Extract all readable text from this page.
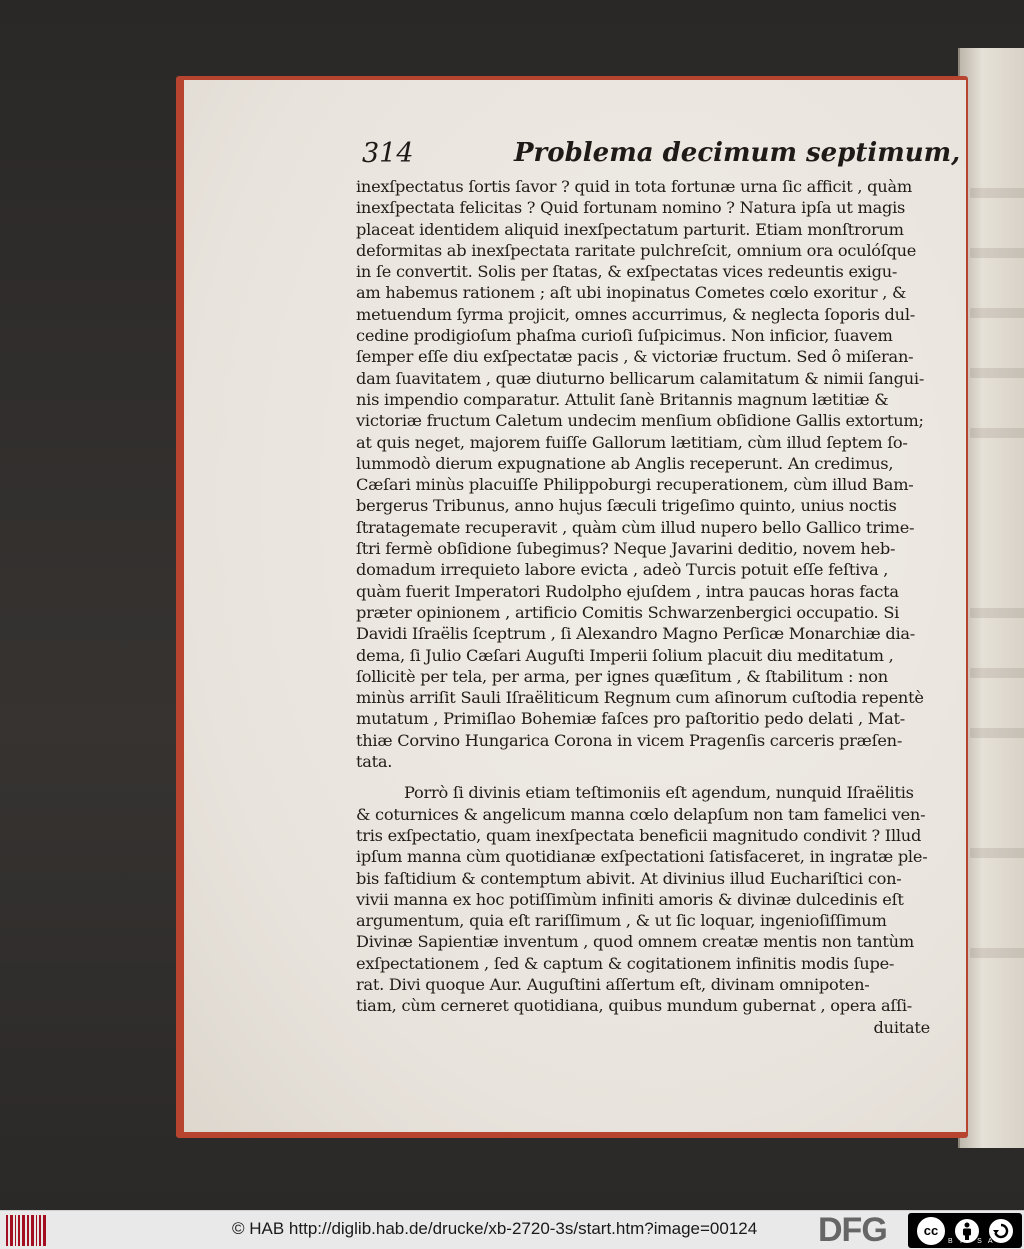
314	Problema decimum septimum,
inexſpectatus ſortis ſavor ? quid in tota fortunæ urna ſic afficit , quàm
inexſpectata felicitas ? Quid fortunam nomino ? Natura ipſa ut magis
placeat identidem aliquid inexſpectatum parturit. Etiam monſtrorum
deformitas ab inexſpectata raritate pulchreſcit, omnium ora oculóſque
in ſe convertit. Solis per ſtatas, & exſpectatas vices redeuntis exigu-
am habemus rationem ; aſt ubi inopinatus Cometes cœlo exoritur , &
metuendum ſyrma projicit, omnes accurrimus, & neglecta ſoporis dul-
cedine prodigioſum phaſma curioſi ſuſpicimus. Non inficior, ſuavem
ſemper eſſe diu exſpectatæ pacis , & victoriæ fructum. Sed ô miſeran-
dam ſuavitatem , quæ diuturno bellicarum calamitatum & nimii ſangui-
nis impendio comparatur. Attulit ſanè Britannis magnum lætitiæ &
victoriæ fructum Caletum undecim menſium obſidione Gallis extortum;
at quis neget, majorem fuiſſe Gallorum lætitiam, cùm illud ſeptem ſo-
lummodò dierum expugnatione ab Anglis receperunt. An credimus,
Cæſari minùs placuiſſe Philippoburgi recuperationem, cùm illud Bam-
bergerus Tribunus, anno hujus ſæculi trigeſimo quinto, unius noctis
ſtratagemate recuperavit , quàm cùm illud nupero bello Gallico trime-
ſtri fermè obſidione ſubegimus? Neque Javarini deditio, novem heb-
domadum irrequieto labore evicta , adeò Turcis potuit eſſe feſtiva ,
quàm fuerit Imperatori Rudolpho ejuſdem , intra paucas horas facta
præter opinionem , artificio Comitis Schwarzenbergici occupatio. Si
Davidi Iſraëlis ſceptrum , ſi Alexandro Magno Perſicæ Monarchiæ dia-
dema, ſi Julio Cæſari Auguſti Imperii ſolium placuit diu meditatum ,
ſollicitè per tela, per arma, per ignes quæſitum , & ſtabilitum : non
minùs arriſit Sauli Iſraëliticum Regnum cum aſinorum cuſtodia repentè
mutatum , Primiſlao Bohemiæ faſces pro paſtoritio pedo delati , Mat-
thiæ Corvino Hungarica Corona in vicem Pragenſis carceris præſen-
tata.
Porrò ſi divinis etiam teſtimoniis eſt agendum, nunquid Iſraëlitis
& coturnices & angelicum manna cœlo delapſum non tam famelici ven-
tris exſpectatio, quam inexſpectata beneficii magnitudo condivit ? Illud
ipſum manna cùm quotidianæ exſpectationi ſatisfaceret, in ingratæ ple-
bis faſtidium & contemptum abivit. At divinius illud Euchariſtici con-
vivii manna ex hoc potiſſimùm infiniti amoris & divinæ dulcedinis eſt
argumentum, quia eſt rariſſimum , & ut ſic loquar, ingenioſiſſimum
Divinæ Sapientiæ inventum , quod omnem creatæ mentis non tantùm
exſpectationem , ſed & captum & cogitationem infinitis modis ſupe-
rat. Divi quoque Aur. Auguſtini aſſertum eſt, divinam omnipoten-
tiam, cùm cerneret quotidiana, quibus mundum gubernat , opera aſſi-
duitate
© HAB http://diglib.hab.de/drucke/xb-2720-3s/start.htm?image=00124 DFG	cc
BY SA
